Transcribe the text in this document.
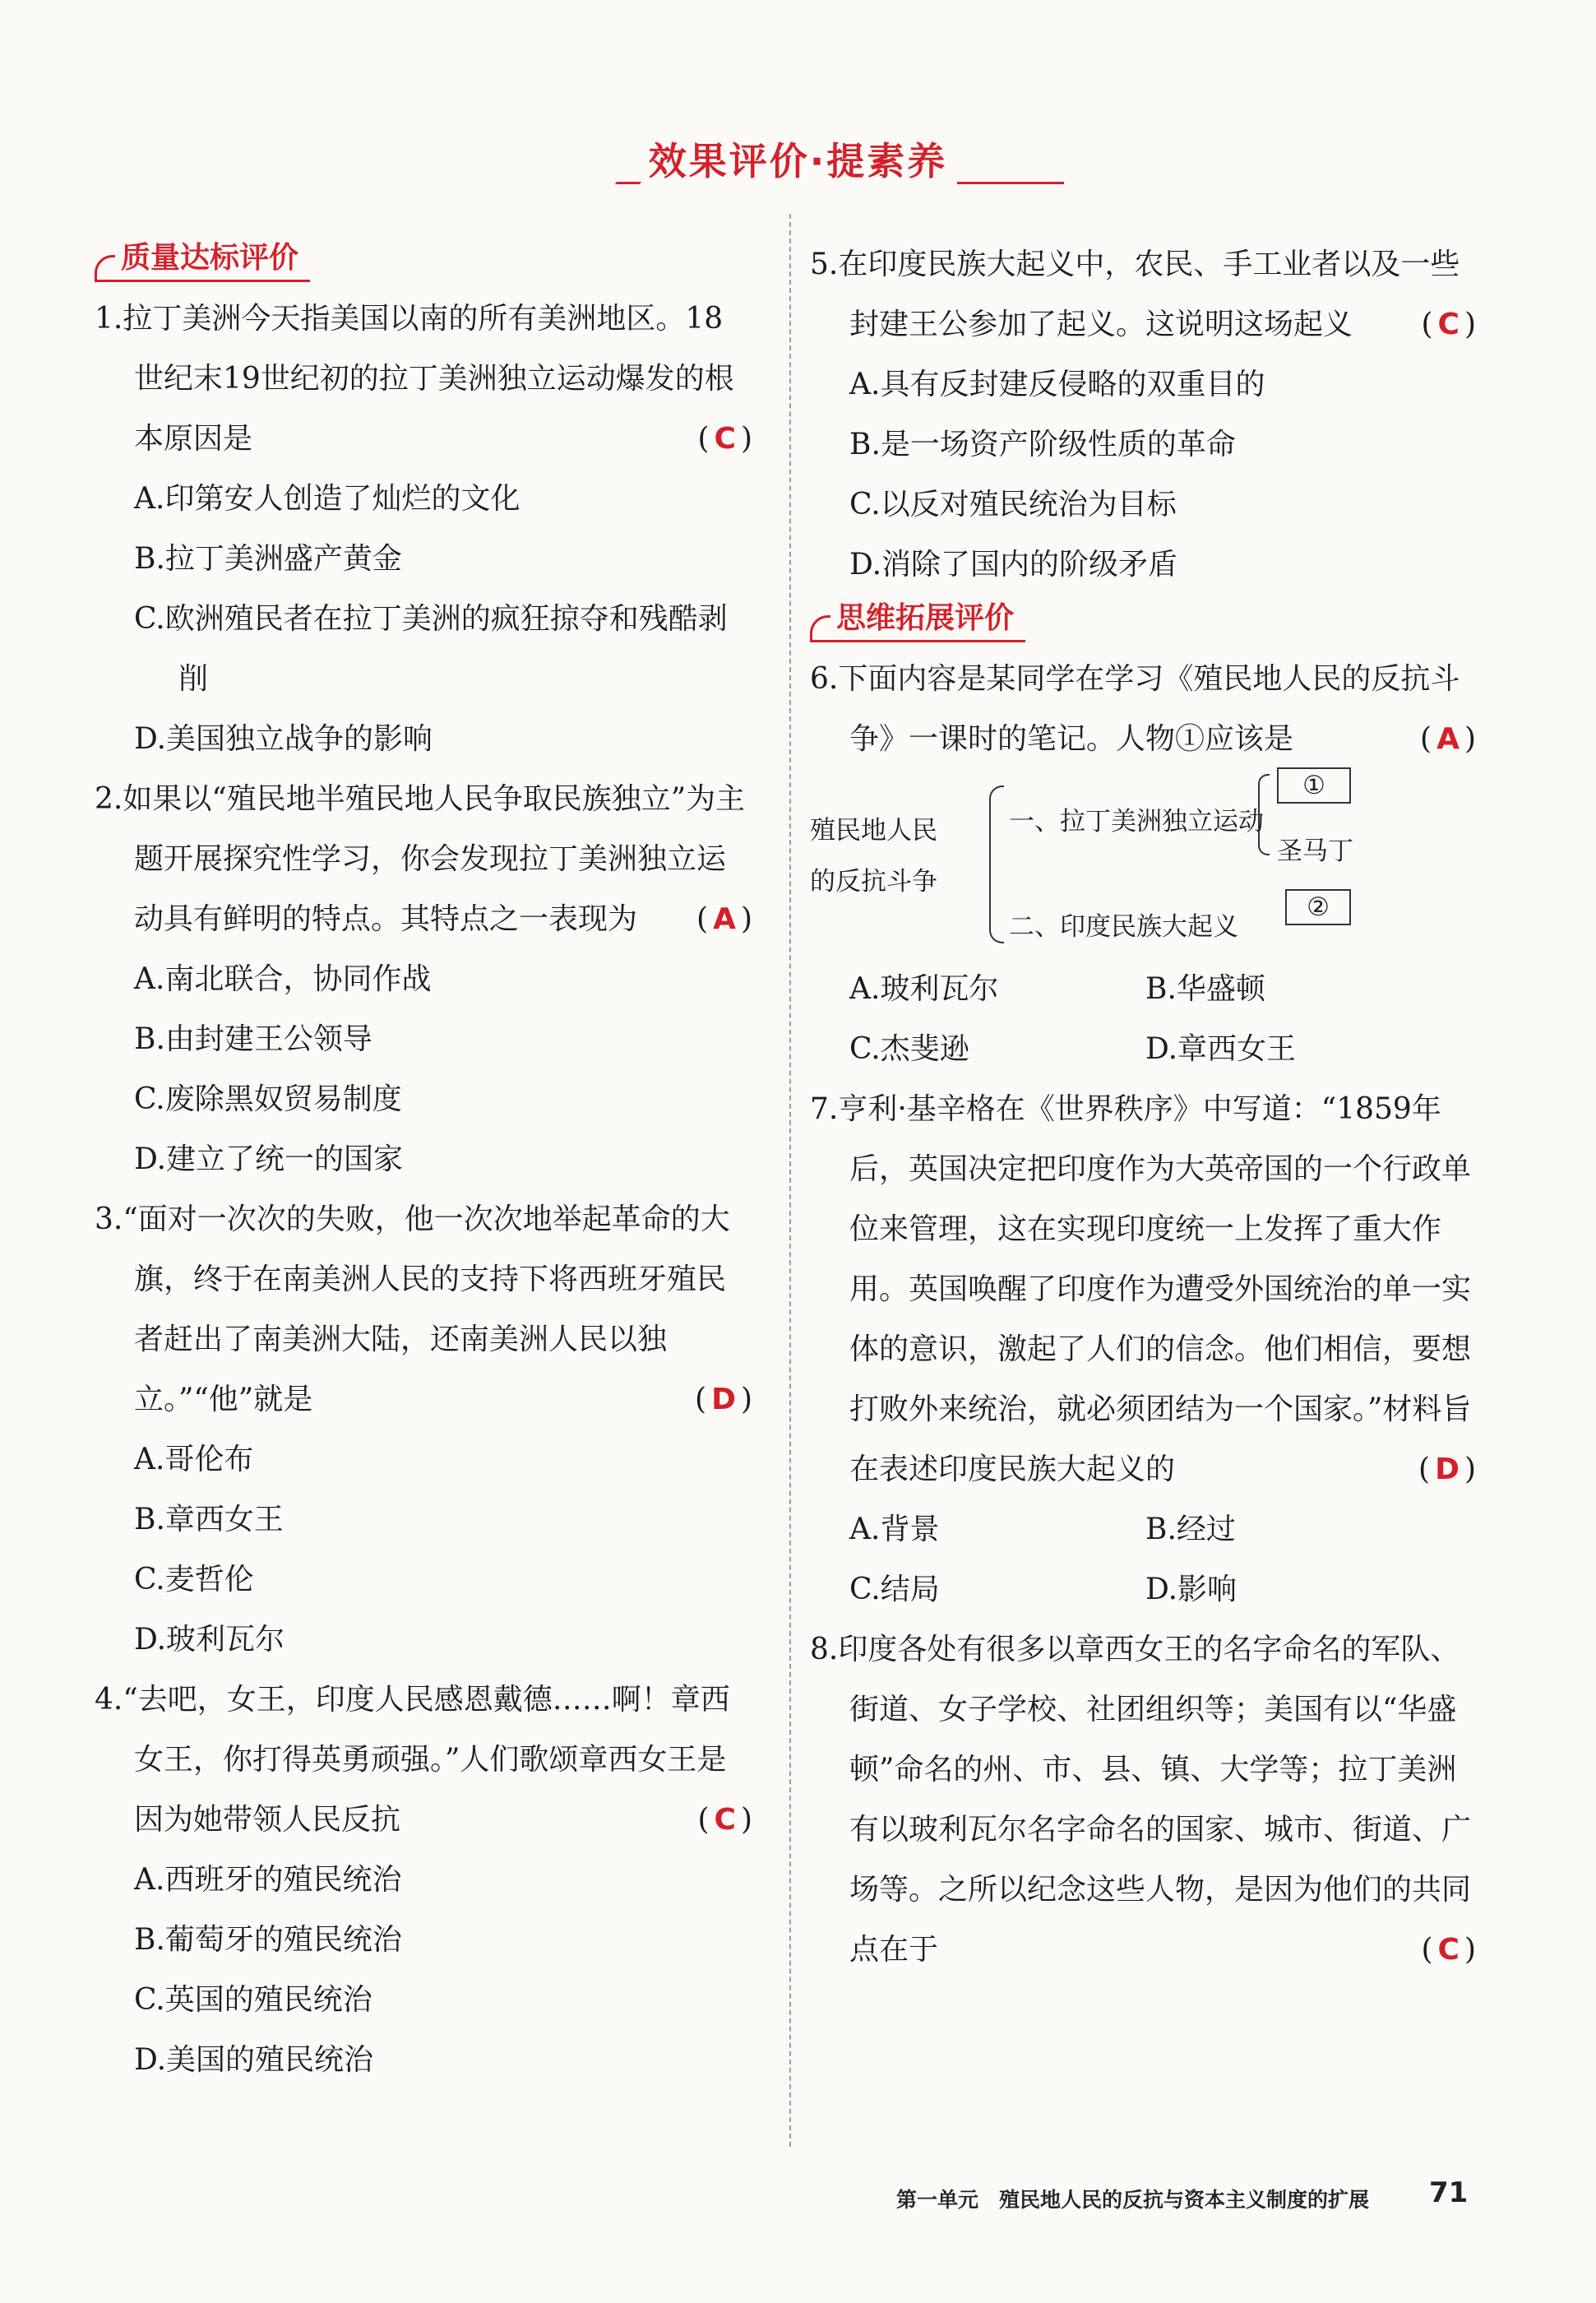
效果评价·提素养
质量达标评价
1.拉丁美洲今天指美国以南的所有美洲地区。18世纪末19世纪初的拉丁美洲独立运动爆发的根本原因是	( C )
A.印第安人创造了灿烂的文化
B.拉丁美洲盛产黄金
C.欧洲殖民者在拉丁美洲的疯狂掠夺和残酷剥削
D.美国独立战争的影响
2.如果以“殖民地半殖民地人民争取民族独立”为主题开展探究性学习，你会发现拉丁美洲独立运动具有鲜明的特点。其特点之一表现为 ( A )
A.南北联合，协同作战
B.由封建王公领导
C.废除黑奴贸易制度
D.建立了统一的国家
3.“面对一次次的失败，他一次次地举起革命的大旗，终于在南美洲人民的支持下将西班牙殖民者赶出了南美洲大陆，还南美洲人民以独立。”“他”就是	( D )
A.哥伦布
B.章西女王
C.麦哲伦
D.玻利瓦尔
4.“去吧，女王，印度人民感恩戴德……啊！章西女王，你打得英勇顽强。”人们歌颂章西女王是因为她带领人民反抗	( C )
A.西班牙的殖民统治
B.葡萄牙的殖民统治
C.英国的殖民统治
D.美国的殖民统治
5.在印度民族大起义中，农民、手工业者以及一些封建王公参加了起义。这说明这场起义 ( C )
A.具有反封建反侵略的双重目的
B.是一场资产阶级性质的革命
C.以反对殖民统治为目标
D.消除了国内的阶级矛盾
思维拓展评价
6.下面内容是某同学在学习《殖民地人民的反抗斗争》一课时的笔记。人物①应该是	( A )
殖民地人民
的反抗斗争
一、拉丁美洲独立运动
二、印度民族大起义
①
圣马丁
②
A.玻利瓦尔	B.华盛顿
C.杰斐逊	D.章西女王
7.亨利·基辛格在《世界秩序》中写道：“1859年后，英国决定把印度作为大英帝国的一个行政单位来管理，这在实现印度统一上发挥了重大作用。英国唤醒了印度作为遭受外国统治的单一实体的意识，激起了人们的信念。他们相信，要想打败外来统治，就必须团结为一个国家。”材料旨在表述印度民族大起义的	( D )
A.背景	B.经过
C.结局	D.影响
8.印度各处有很多以章西女王的名字命名的军队、街道、女子学校、社团组织等；美国有以“华盛顿”命名的州、市、县、镇、大学等；拉丁美洲有以玻利瓦尔名字命名的国家、城市、街道、广场等。之所以纪念这些人物，是因为他们的共同点在于	( C )
第一单元　殖民地人民的反抗与资本主义制度的扩展 71
